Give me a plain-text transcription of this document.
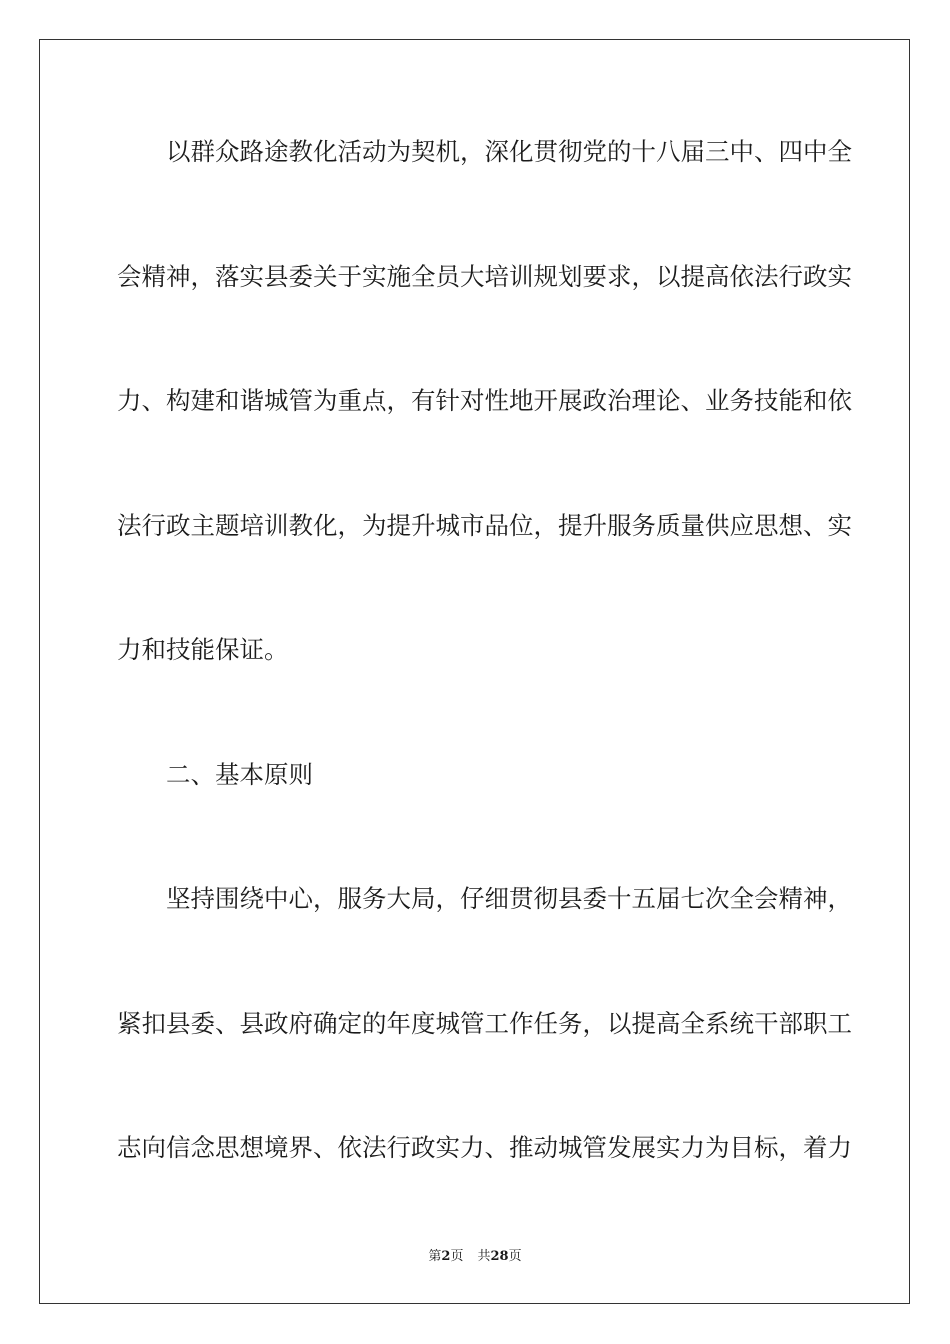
以群众路途教化活动为契机，深化贯彻党的十八届三中、四中全
会精神，落实县委关于实施全员大培训规划要求，以提高依法行政实
力、构建和谐城管为重点，有针对性地开展政治理论、业务技能和依
法行政主题培训教化，为提升城市品位，提升服务质量供应思想、实
力和技能保证。
二、基本原则
坚持围绕中心，服务大局，仔细贯彻县委十五届七次全会精神，
紧扣县委、县政府确定的年度城管工作任务，以提高全系统干部职工
志向信念思想境界、依法行政实力、推动城管发展实力为目标，着力
第2页 共28页
